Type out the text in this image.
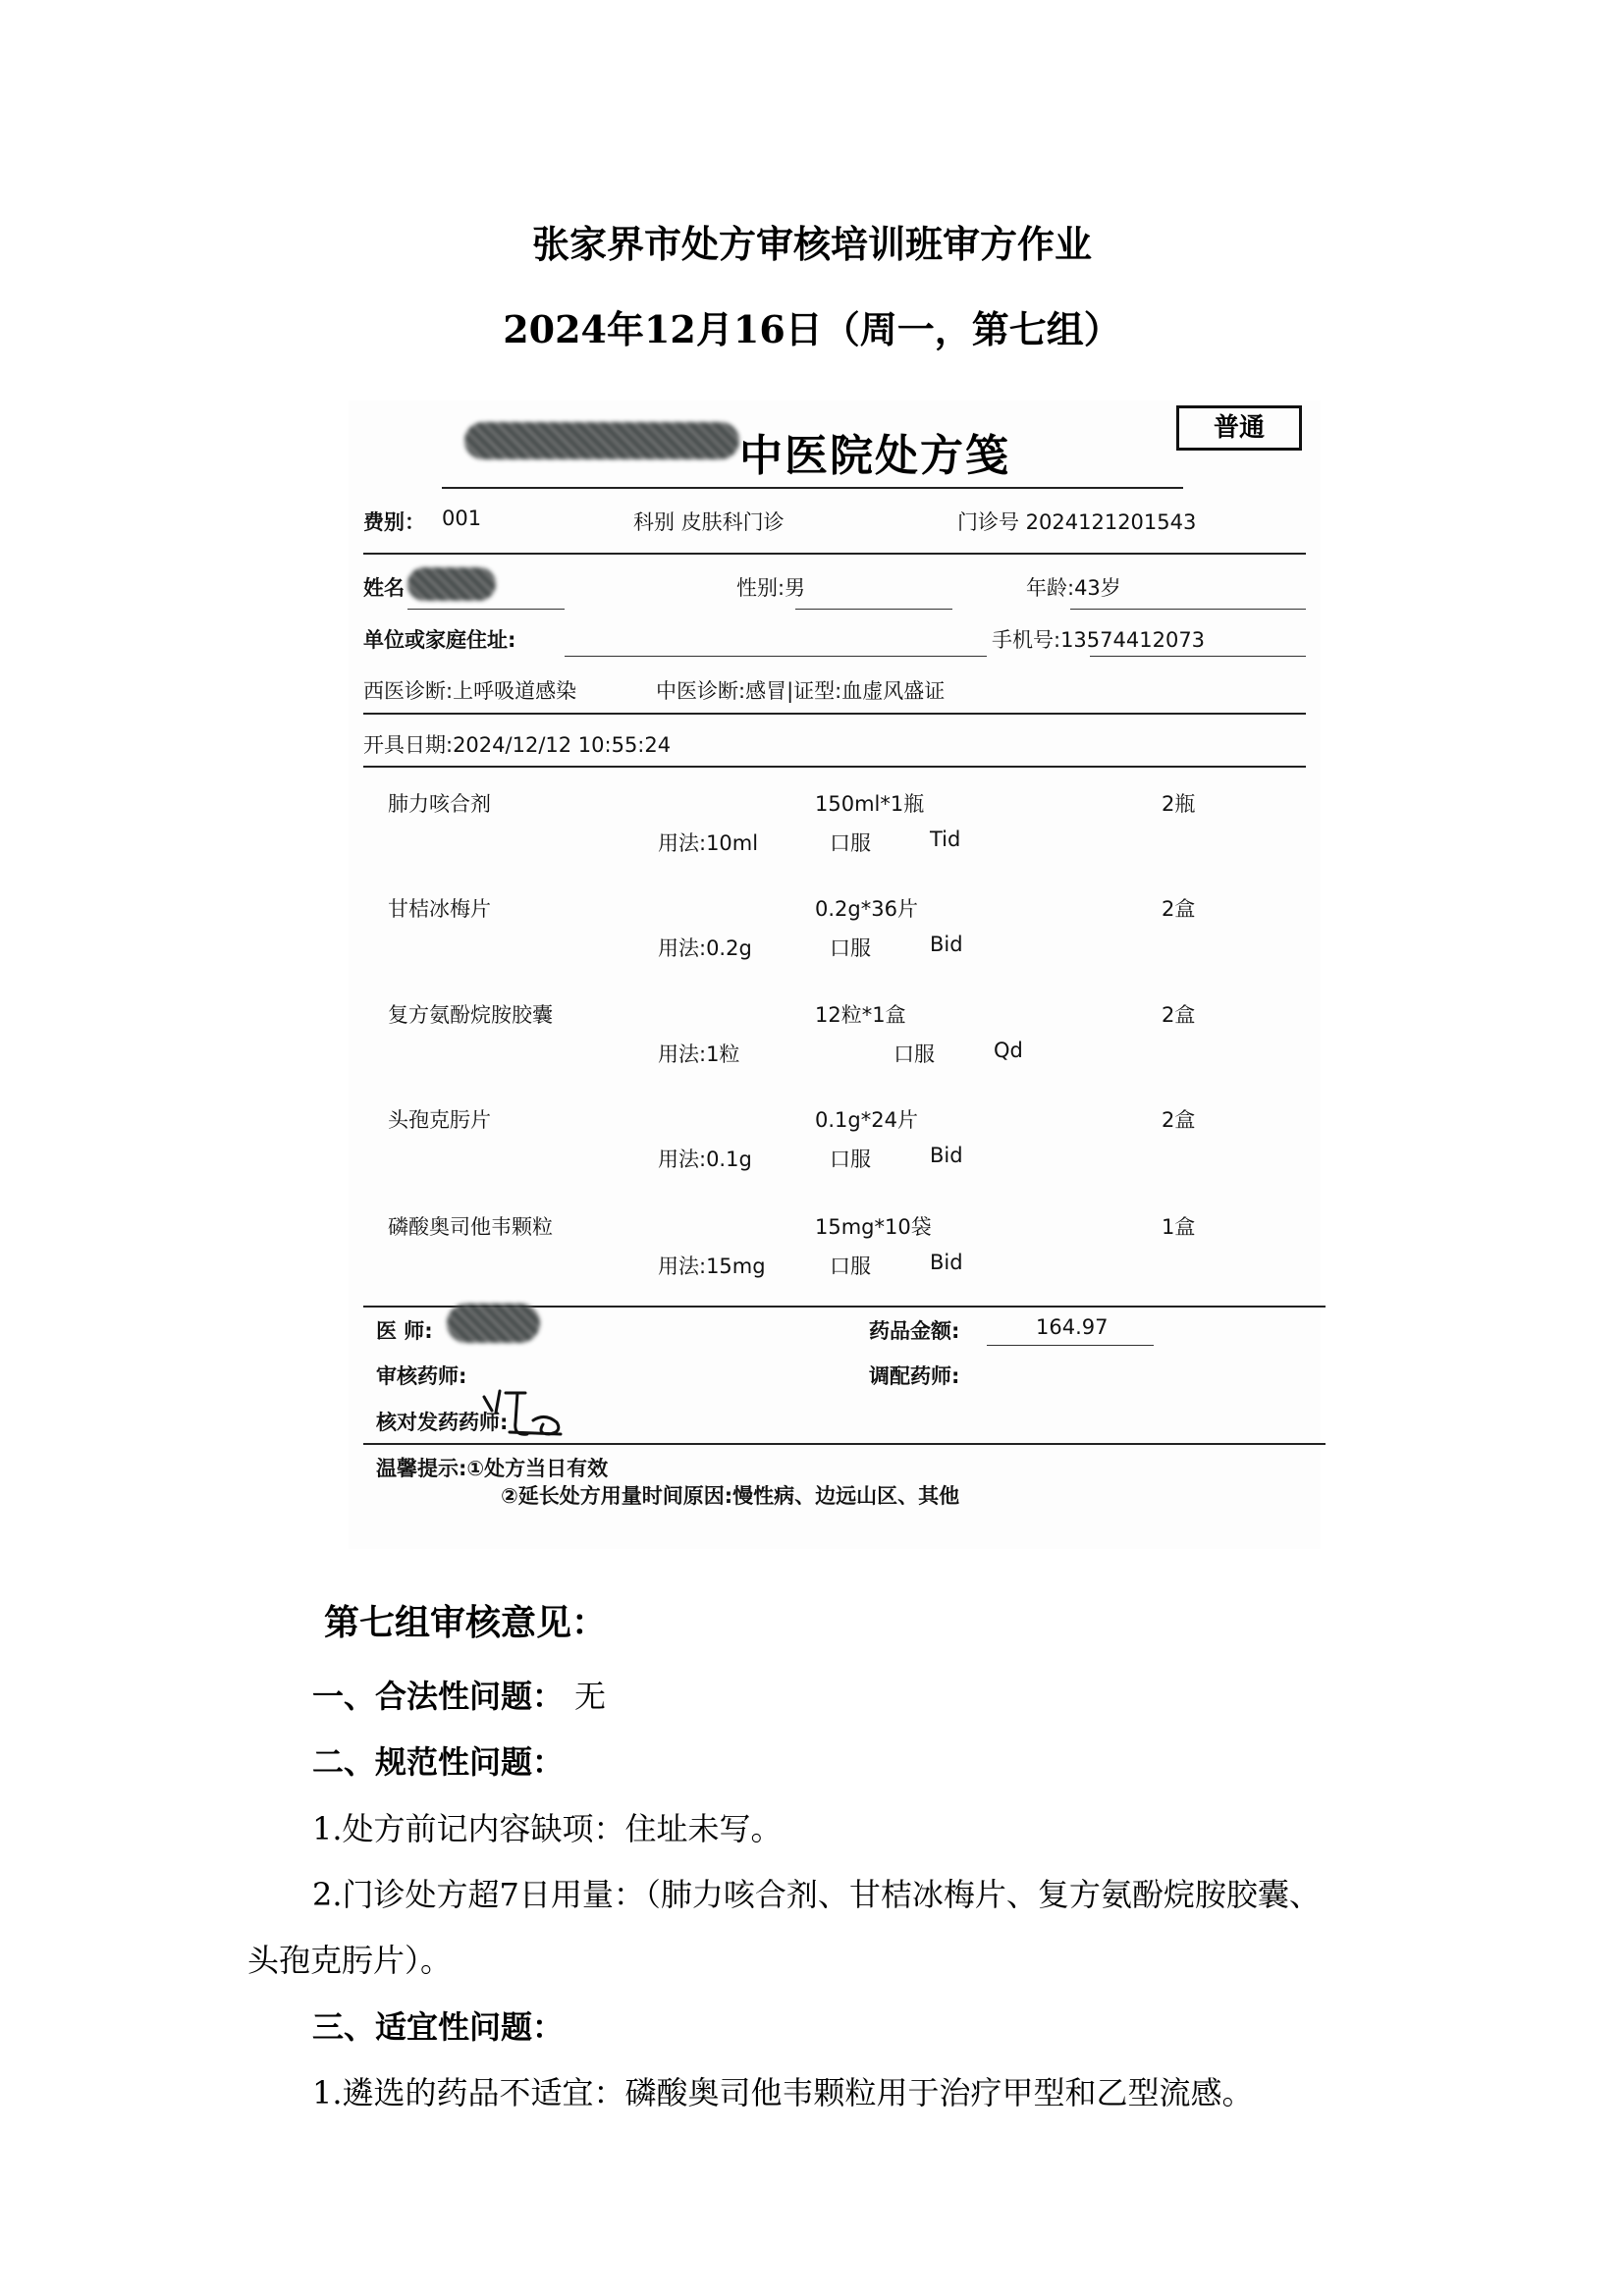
张家界市处方审核培训班审方作业
2024年12月16日（周一，第七组）
中医院处方笺
普通
费别： 001	科别 皮肤科门诊	门诊号 2024121201543
姓名	性别:男	年龄:43岁
单位或家庭住址:	手机号:13574412073
西医诊断:上呼吸道感染	中医诊断:感冒|证型:血虚风盛证
开具日期:2024/12/12 10:55:24
肺力咳合剂	150ml*1瓶	2瓶
用法:10ml	口服	Tid
甘桔冰梅片	0.2g*36片	2盒
用法:0.2g	口服	Bid
复方氨酚烷胺胶囊	12粒*1盒	2盒
用法:1粒	口服	Qd
头孢克肟片	0.1g*24片	2盒
用法:0.1g	口服	Bid
磷酸奥司他韦颗粒	15mg*10袋	1盒
用法:15mg	口服	Bid
医 师:	药品金额:	164.97
审核药师:	调配药师:
核对发药药师:
温馨提示:①处方当日有效
②延长处方用量时间原因:慢性病、边远山区、其他
第七组审核意见：
一、合法性问题： 无
二、规范性问题：
1.处方前记内容缺项：住址未写。
2.门诊处方超7日用量：（肺力咳合剂、甘桔冰梅片、复方氨酚烷胺胶囊、
头孢克肟片）。
三、适宜性问题：
1.遴选的药品不适宜：磷酸奥司他韦颗粒用于治疗甲型和乙型流感。
